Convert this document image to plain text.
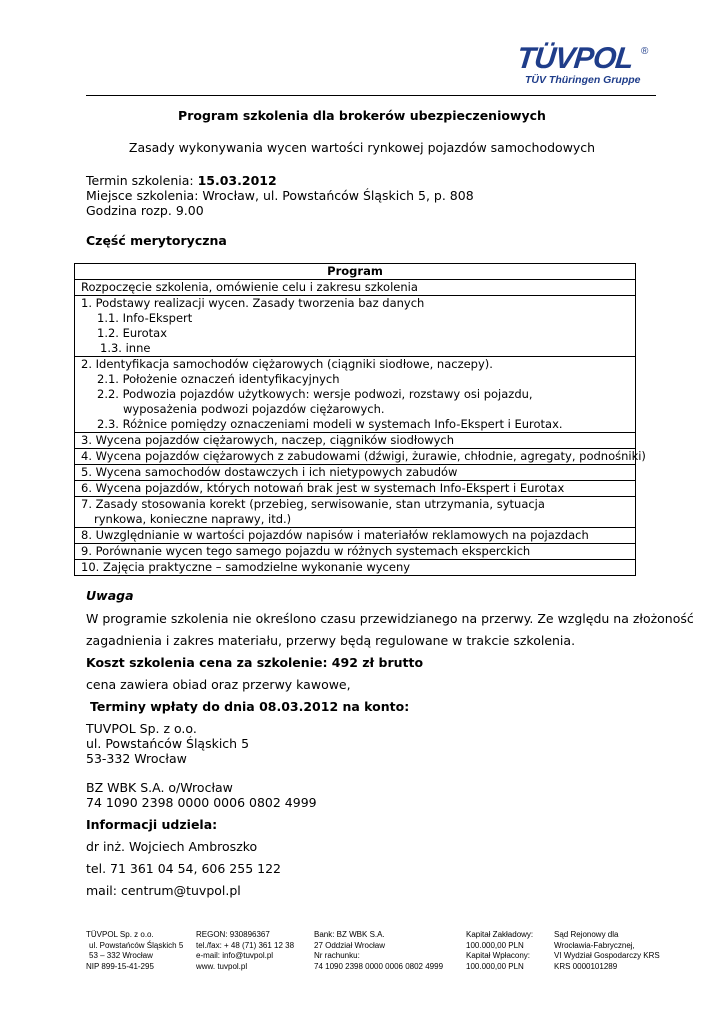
TÜVPOL ®
TÜV Thüringen Gruppe
Program szkolenia dla brokerów ubezpieczeniowych
Zasady wykonywania wycen wartości rynkowej pojazdów samochodowych
Termin szkolenia: 15.03.2012
Miejsce szkolenia: Wrocław, ul. Powstańców Śląskich 5, p. 808
Godzina rozp. 9.00
Część merytoryczna
Program
Rozpoczęcie szkolenia, omówienie celu i zakresu szkolenia
1. Podstawy realizacji wycen. Zasady tworzenia baz danych
1.1. Info-Ekspert
1.2. Eurotax
1.3. inne
2. Identyfikacja samochodów ciężarowych (ciągniki siodłowe, naczepy).
2.1. Położenie oznaczeń identyfikacyjnych
2.2. Podwozia pojazdów użytkowych: wersje podwozi, rozstawy osi pojazdu,
wyposażenia podwozi pojazdów ciężarowych.
2.3. Różnice pomiędzy oznaczeniami modeli w systemach Info-Ekspert i Eurotax.
3. Wycena pojazdów ciężarowych, naczep, ciągników siodłowych
4. Wycena pojazdów ciężarowych z zabudowami (dźwigi, żurawie, chłodnie, agregaty, podnośniki)
5. Wycena samochodów dostawczych i ich nietypowych zabudów
6. Wycena pojazdów, których notowań brak jest w systemach Info-Ekspert i Eurotax
7. Zasady stosowania korekt (przebieg, serwisowanie, stan utrzymania, sytuacja
rynkowa, konieczne naprawy, itd.)
8. Uwzględnianie w wartości pojazdów napisów i materiałów reklamowych na pojazdach
9. Porównanie wycen tego samego pojazdu w różnych systemach eksperckich
10. Zajęcia praktyczne – samodzielne wykonanie wyceny
Uwaga
W programie szkolenia nie określono czasu przewidzianego na przerwy. Ze względu na złożoność
zagadnienia i zakres materiału, przerwy będą regulowane w trakcie szkolenia.
Koszt szkolenia cena za szkolenie: 492 zł brutto
cena zawiera obiad oraz przerwy kawowe,
Terminy wpłaty do dnia 08.03.2012 na konto:
TUVPOL Sp. z o.o.
ul. Powstańców Śląskich 5
53-332 Wrocław
BZ WBK S.A. o/Wrocław
74 1090 2398 0000 0006 0802 4999
Informacji udziela:
dr inż. Wojciech Ambroszko
tel. 71 361 04 54, 606 255 122
mail: centrum@tuvpol.pl
TÜVPOL Sp. z o.o.
ul. Powstańców Śląskich 5
53 – 332 Wrocław
NIP 899-15-41-295
REGON: 930896367
tel./fax: + 48 (71) 361 12 38
e-mail: info@tuvpol.pl
www. tuvpol.pl
Bank: BZ WBK S.A.
27 Oddział Wrocław
Nr rachunku:
74 1090 2398 0000 0006 0802 4999
Kapitał Zakładowy:
100.000,00 PLN
Kapitał Wpłacony:
100.000,00 PLN
Sąd Rejonowy dla
Wrocławia-Fabrycznej,
VI Wydział Gospodarczy KRS
KRS 0000101289
